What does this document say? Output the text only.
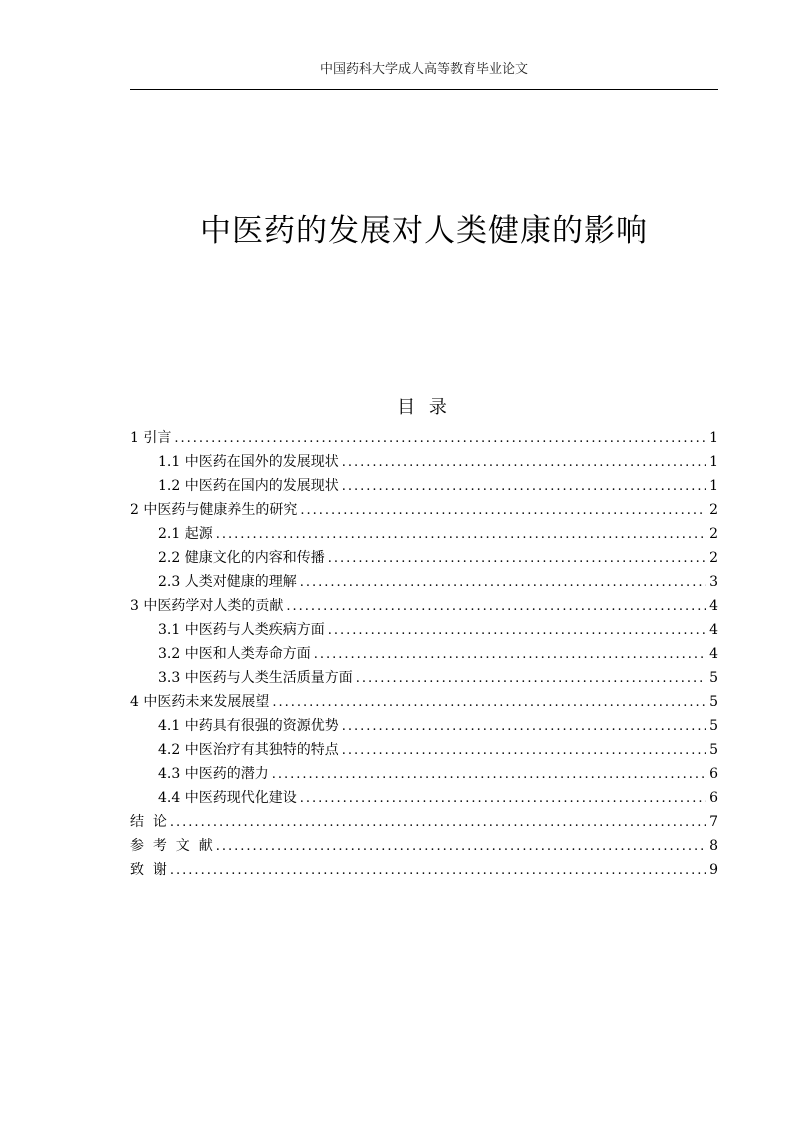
中国药科大学成人高等教育毕业论文
中医药的发展对人类健康的影响
目 录
1 引言 .....	1
1.1 中医药在国外的发展现状 .....	1
1.2 中医药在国内的发展现状 .....	1
2 中医药与健康养生的研究 .....	2
2.1 起源 .....	2
2.2 健康文化的内容和传播 .....	2
2.3 人类对健康的理解 .....	3
3 中医药学对人类的贡献 .....	4
3.1 中医药与人类疾病方面 .....	4
3.2 中医和人类寿命方面 .....	4
3.3 中医药与人类生活质量方面 .....	5
4 中医药未来发展展望 .....	5
4.1 中药具有很强的资源优势 .....	5
4.2 中医治疗有其独特的特点 .....	5
4.3 中医药的潜力 .....	6
4.4 中医药现代化建设 .....	6
结  论 .....	7
参  考  文  献 .....	8
致  谢 .....	9
